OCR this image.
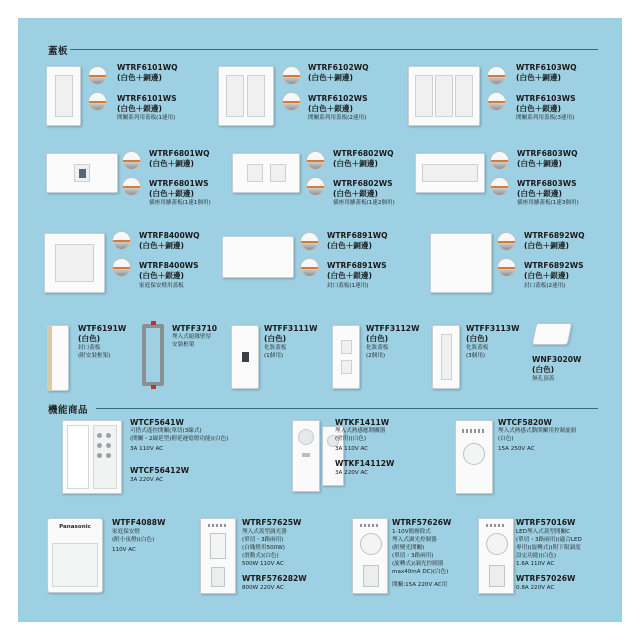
蓋板
機能商品
WTRF6101WQ
(白色＋銅邊)
WTRF6101WS
(白色＋銀邊)
開關系列用蓋板(1連用)
WTRF6102WQ
(白色＋銅邊)
WTRF6102WS
(白色＋銀邊)
開關系列用蓋板(2連用)
WTRF6103WQ
(白色＋銅邊)
WTRF6103WS
(白色＋銀邊)
開關系列用蓋板(3連用)
WTRF6801WQ
(白色＋銅邊)
WTRF6801WS
(白色＋銀邊)
插座用擴蓋板(1連1個用)
WTRF6802WQ
(白色＋銅邊)
WTRF6802WS
(白色＋銀邊)
插座用擴蓋板(1連2個用)
WTRF6803WQ
(白色＋銅邊)
WTRF6803WS
(白色＋銀邊)
插座用擴蓋板(1連3個用)
WTRF8400WQ
(白色＋銅邊)
WTRF8400WS
(白色＋銀邊)
家庭保安燈用蓋板
WTRF6891WQ
(白色＋銅邊)
WTRF6891WS
(白色＋銀邊)
封口蓋板(1連用)
WTRF6892WQ
(白色＋銅邊)
WTRF6892WS
(白色＋銀邊)
封口蓋板(2連用)
WTF6191W
(白色)
封口蓋板
(附安裝框架)
WTFF3710
埋入式絕緣壁厚
安裝框架
WTFF3111W
(白色)
化妝蓋板
(1個用)
WTFF3112W
(白色)
化妝蓋板
(2個用)
WTFF3113W
(白色)
化妝蓋板
(3個用)	WNF3020W
(白色)
無孔頂蓋
WTCF5641W
可搭式遙控開關(單切(3線式)
(開關・2線延型)附延遲熄燈功能)(白色)
3A 110V AC
WTCF56412W
3A 220V AC
WTKF1411W
埋入式熱感應開關器
(壁用)(白色)
3A 110V AC
WTKF14112W
3A 220V AC
WTCF5820W
埋入式熱感式動開關用控制旋鈕
(白色)
15A 250V AC
Panasonic	WTFF4088W
家庭保安燈
(附小夜燈)(白色)
110V AC
WTRF57625W
埋入式蓋型調光器
(單切・3路兩用)
(白熾燈用500W)
(滑動式)(白色)
500W 110V AC
WTRF576282W
800W 220V AC
WTRF57626W
1-10V簡辦除式
埋入式調光控制器
(附變光開關)
(單切・3路兩用)
(旋轉式)(調光控制器
max40mA DC)(白色)
開關:15A 220V AC用
WTRF57016W
LED埋入式蓋型開關C
(單切・3路兩用)(適合LED
專用)(旋轉式)(附下限調度
設定功能)(白色)
1.6A 110V AC
WTRF57026W
0.8A 220V AC
